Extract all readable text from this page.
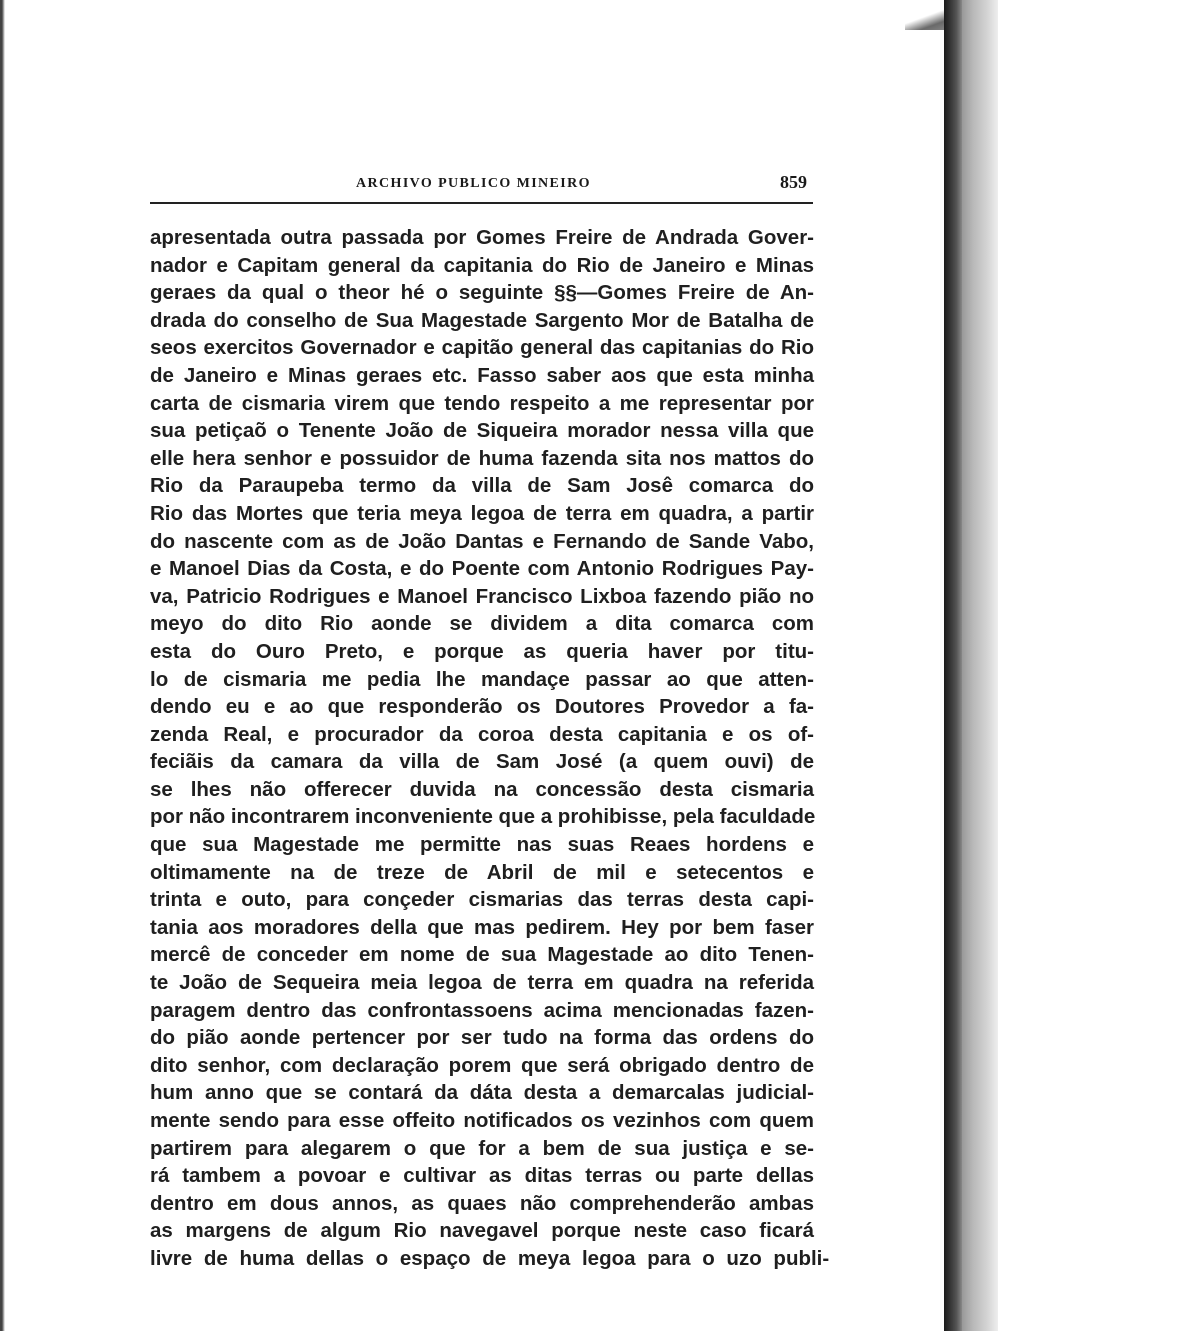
ARCHIVO PUBLICO MINEIRO	859
apresentada outra passada por Gomes Freire de Andrada Gover-
nador e Capitam general da capitania do Rio de Janeiro e Minas
geraes da qual o theor hé o seguinte §§—Gomes Freire de An-
drada do conselho de Sua Magestade Sargento Mor de Batalha de
seos exercitos Governador e capitão general das capitanias do Rio
de Janeiro e Minas geraes etc. Fasso saber aos que esta minha
carta de cismaria virem que tendo respeito a me representar por
sua petiçaõ o Tenente João de Siqueira morador nessa villa que
elle hera senhor e possuidor de huma fazenda sita nos mattos do
Rio da Paraupeba termo da villa de Sam Josê comarca do
Rio das Mortes que teria meya legoa de terra em quadra, a partir
do nascente com as de João Dantas e Fernando de Sande Vabo,
e Manoel Dias da Costa, e do Poente com Antonio Rodrigues Pay-
va, Patricio Rodrigues e Manoel Francisco Lixboa fazendo pião no
meyo do dito Rio aonde se dividem a dita comarca com
esta do Ouro Preto, e porque as queria haver por titu-
lo de cismaria me pedia lhe mandaçe passar ao que atten-
dendo eu e ao que responderão os Doutores Provedor a fa-
zenda Real, e procurador da coroa desta capitania e os of-
feciãis da camara da villa de Sam José (a quem ouvi) de
se lhes não offerecer duvida na concessão desta cismaria
por não incontrarem inconveniente que a prohibisse, pela faculdade
que sua Magestade me permitte nas suas Reaes hordens e
oltimamente na de treze de Abril de mil e setecentos e
trinta e outo, para conçeder cismarias das terras desta capi-
tania aos moradores della que mas pedirem. Hey por bem faser
mercê de conceder em nome de sua Magestade ao dito Tenen-
te João de Sequeira meia legoa de terra em quadra na referida
paragem dentro das confrontassoens acima mencionadas fazen-
do pião aonde pertencer por ser tudo na forma das ordens do
dito senhor, com declaração porem que será obrigado dentro de
hum anno que se contará da dáta desta a demarcalas judicial-
mente sendo para esse offeito notificados os vezinhos com quem
partirem para alegarem o que for a bem de sua justiça e se-
rá tambem a povoar e cultivar as ditas terras ou parte dellas
dentro em dous annos, as quaes não comprehenderão ambas
as margens de algum Rio navegavel porque neste caso ficará
livre de huma dellas o espaço de meya legoa para o uzo publi-
